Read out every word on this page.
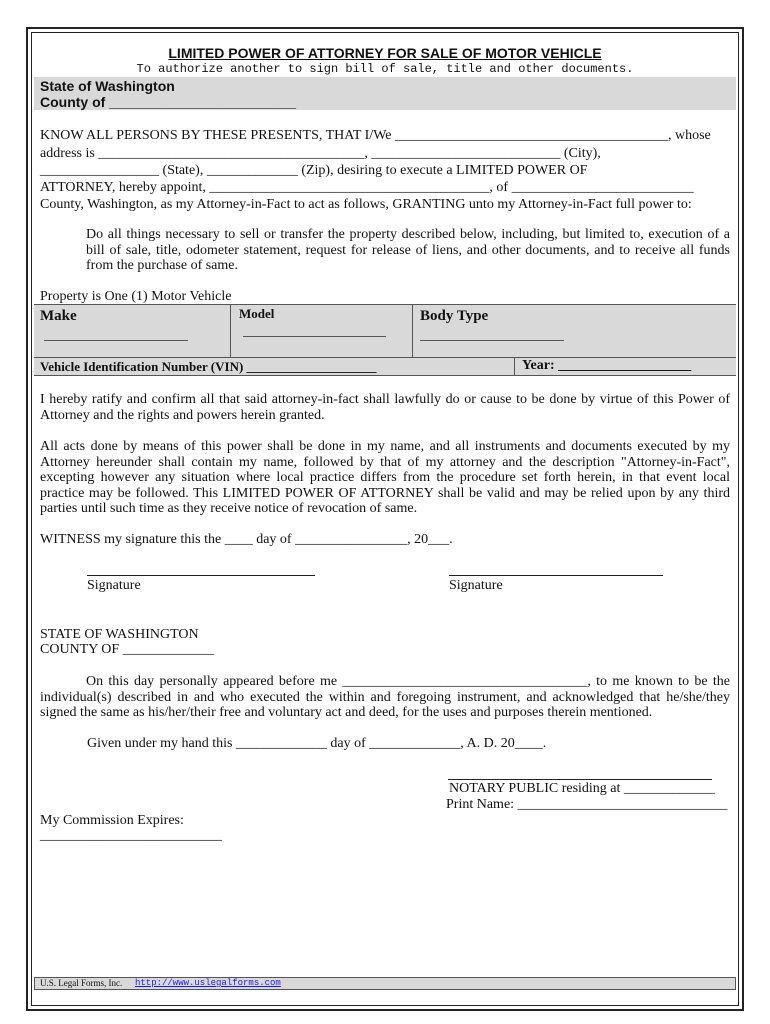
LIMITED POWER OF ATTORNEY FOR SALE OF MOTOR VEHICLE
To authorize another to sign bill of sale, title and other documents.
State of Washington
County of ________________________
KNOW ALL PERSONS BY THESE PRESENTS, THAT I/We _______________________________________, whose
address is ______________________________________, ___________________________ (City),
_________________ (State), _____________ (Zip), desiring to execute a LIMITED POWER OF
ATTORNEY, hereby appoint, ________________________________________, of __________________________
County, Washington, as my Attorney-in-Fact to act as follows, GRANTING unto my Attorney-in-Fact full power to:
Do all things necessary to sell or transfer the property described below, including, but limited to, execution of a bill of sale, title, odometer statement, request for release of liens, and other documents, and to receive all funds from the purchase of same.
Property is One (1) Motor Vehicle
Make	Model	Body Type
Vehicle Identification Number (VIN) ____________________	Year: ___________________
I hereby ratify and confirm all that said attorney-in-fact shall lawfully do or cause to be done by virtue of this Power of Attorney and the rights and powers herein granted.
All acts done by means of this power shall be done in my name, and all instruments and documents executed by my Attorney hereunder shall contain my name, followed by that of my attorney and the description "Attorney-in-Fact", excepting however any situation where local practice differs from the procedure set forth herein, in that event local practice may be followed. This LIMITED POWER OF ATTORNEY shall be valid and may be relied upon by any third parties until such time as they receive notice of revocation of same.
WITNESS my signature this the ____ day of ________________, 20___.
Signature	Signature
STATE OF WASHINGTON
COUNTY OF _____________
On this day personally appeared before me ___________________________________, to me known to be the individual(s) described in and who executed the within and foregoing instrument, and acknowledged that he/she/they signed the same as his/her/their free and voluntary act and deed, for the uses and purposes therein mentioned.
Given under my hand this _____________ day of _____________, A. D. 20____.
NOTARY PUBLIC residing at _____________
Print Name: ______________________________
My Commission Expires:
__________________________
U.S. Legal Forms, Inc. http://www.uslegalforms.com
